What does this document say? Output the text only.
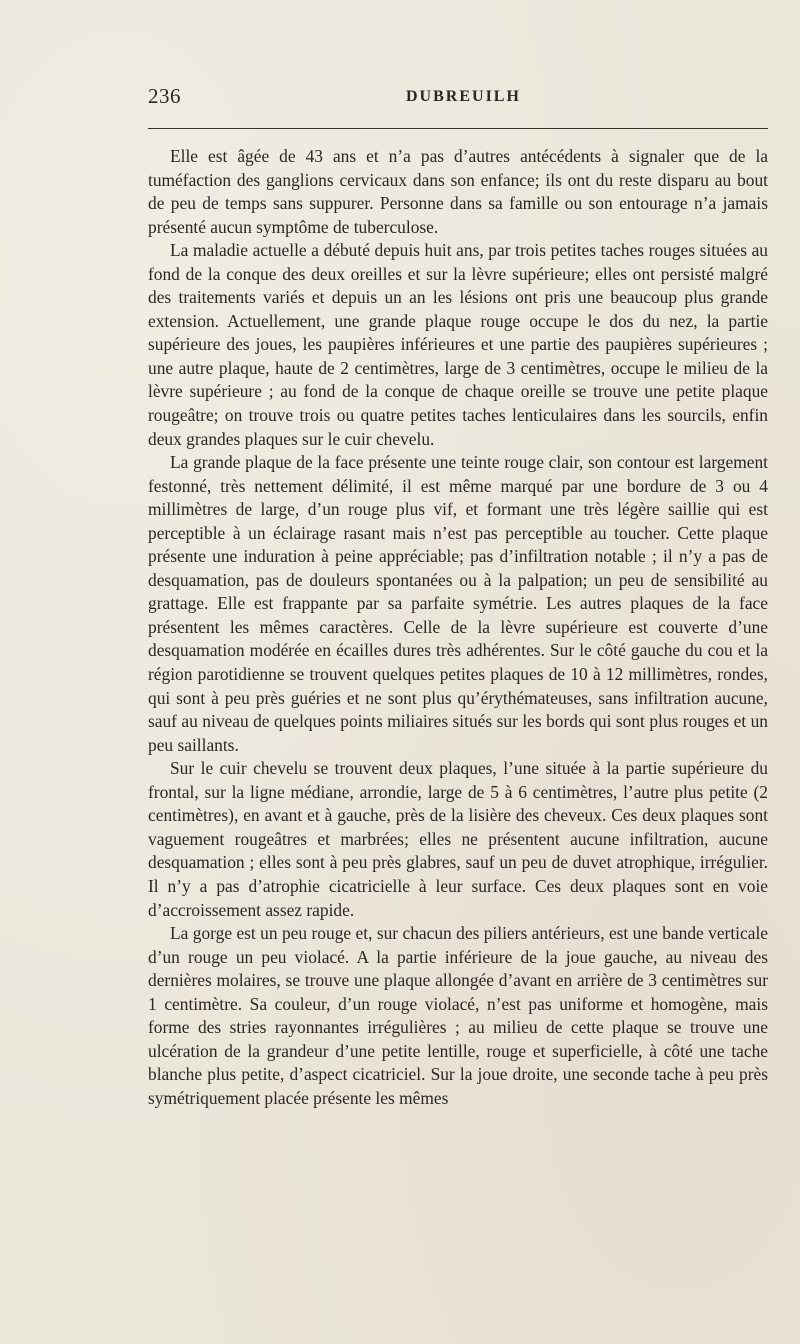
236	DUBREUILH

Elle est âgée de 43 ans et n’a pas d’autres antécédents à signaler que de la tuméfaction des ganglions cervicaux dans son enfance; ils ont du reste disparu au bout de peu de temps sans suppurer. Personne dans sa famille ou son entourage n’a jamais présenté aucun symptôme de tuberculose.

La maladie actuelle a débuté depuis huit ans, par trois petites taches rouges situées au fond de la conque des deux oreilles et sur la lèvre supérieure; elles ont persisté malgré des traitements variés et depuis un an les lésions ont pris une beaucoup plus grande extension. Actuellement, une grande plaque rouge occupe le dos du nez, la partie supérieure des joues, les paupières inférieures et une partie des paupières supérieures ; une autre plaque, haute de 2 centimètres, large de 3 centimètres, occupe le milieu de la lèvre supérieure ; au fond de la conque de chaque oreille se trouve une petite plaque rougeâtre; on trouve trois ou quatre petites taches lenticulaires dans les sourcils, enfin deux grandes plaques sur le cuir chevelu.

La grande plaque de la face présente une teinte rouge clair, son contour est largement festonné, très nettement délimité, il est même marqué par une bordure de 3 ou 4 millimètres de large, d’un rouge plus vif, et formant une très légère saillie qui est perceptible à un éclairage rasant mais n’est pas perceptible au toucher. Cette plaque présente une induration à peine appréciable; pas d’infiltration notable ; il n’y a pas de desquamation, pas de douleurs spontanées ou à la palpation; un peu de sensibilité au grattage. Elle est frappante par sa parfaite symétrie. Les autres plaques de la face présentent les mêmes caractères. Celle de la lèvre supérieure est couverte d’une desquamation modérée en écailles dures très adhérentes. Sur le côté gauche du cou et la région parotidienne se trouvent quelques petites plaques de 10 à 12 millimètres, rondes, qui sont à peu près guéries et ne sont plus qu’érythémateuses, sans infiltration aucune, sauf au niveau de quelques points miliaires situés sur les bords qui sont plus rouges et un peu saillants.

Sur le cuir chevelu se trouvent deux plaques, l’une située à la partie supérieure du frontal, sur la ligne médiane, arrondie, large de 5 à 6 centimètres, l’autre plus petite (2 centimètres), en avant et à gauche, près de la lisière des cheveux. Ces deux plaques sont vaguement rougeâtres et marbrées; elles ne présentent aucune infiltration, aucune desquamation ; elles sont à peu près glabres, sauf un peu de duvet atrophique, irrégulier. Il n’y a pas d’atrophie cicatricielle à leur surface. Ces deux plaques sont en voie d’accroissement assez rapide.

La gorge est un peu rouge et, sur chacun des piliers antérieurs, est une bande verticale d’un rouge un peu violacé. A la partie inférieure de la joue gauche, au niveau des dernières molaires, se trouve une plaque allongée d’avant en arrière de 3 centimètres sur 1 centimètre. Sa couleur, d’un rouge violacé, n’est pas uniforme et homogène, mais forme des stries rayonnantes irrégulières ; au milieu de cette plaque se trouve une ulcération de la grandeur d’une petite lentille, rouge et superficielle, à côté une tache blanche plus petite, d’aspect cicatriciel. Sur la joue droite, une seconde tache à peu près symétriquement placée présente les mêmes
